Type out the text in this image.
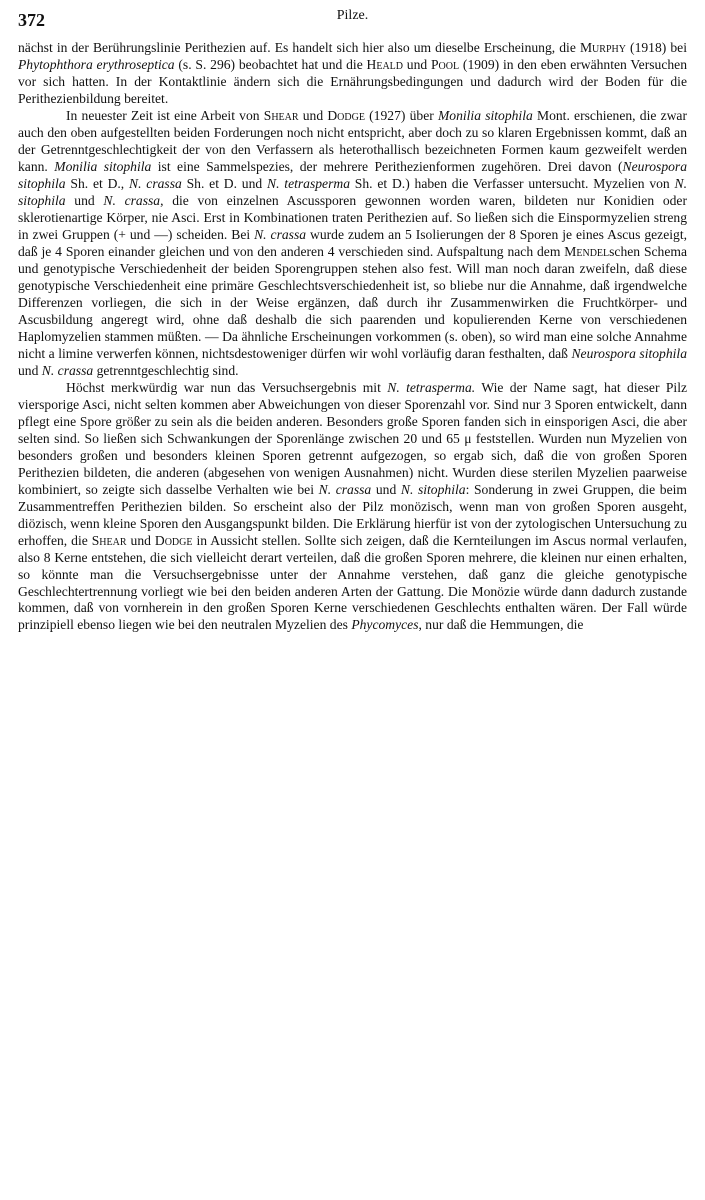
372	Pilze.

nächst in der Berührungslinie Perithezien auf. Es handelt sich hier also um dieselbe Erscheinung, die Murphy (1918) bei Phytophthora erythroseptica (s. S. 296) beobachtet hat und die Heald und Pool (1909) in den eben erwähnten Versuchen vor sich hatten. In der Kontaktlinie ändern sich die Ernährungsbedingungen und dadurch wird der Boden für die Perithezienbildung bereitet.

In neuester Zeit ist eine Arbeit von Shear und Dodge (1927) über Monilia sitophila Mont. erschienen, die zwar auch den oben aufgestellten beiden Forderungen noch nicht entspricht, aber doch zu so klaren Ergebnissen kommt, daß an der Getrenntgeschlechtigkeit der von den Verfassern als heterothallisch bezeichneten Formen kaum gezweifelt werden kann. Monilia sitophila ist eine Sammelspezies, der mehrere Perithezienformen zugehören. Drei davon (Neurospora sitophila Sh. et D., N. crassa Sh. et D. und N. tetrasperma Sh. et D.) haben die Verfasser untersucht. Myzelien von N. sitophila und N. crassa, die von einzelnen Ascussporen gewonnen worden waren, bildeten nur Konidien oder sklerotienartige Körper, nie Asci. Erst in Kombinationen traten Perithezien auf. So ließen sich die Einspormyzelien streng in zwei Gruppen (+ und —) scheiden. Bei N. crassa wurde zudem an 5 Isolierungen der 8 Sporen je eines Ascus gezeigt, daß je 4 Sporen einander gleichen und von den anderen 4 verschieden sind. Aufspaltung nach dem Mendelschen Schema und genotypische Verschiedenheit der beiden Sporengruppen stehen also fest. Will man noch daran zweifeln, daß diese genotypische Verschiedenheit eine primäre Geschlechtsverschiedenheit ist, so bliebe nur die Annahme, daß irgendwelche Differenzen vorliegen, die sich in der Weise ergänzen, daß durch ihr Zusammenwirken die Fruchtkörper- und Ascusbildung angeregt wird, ohne daß deshalb die sich paarenden und kopulierenden Kerne von verschiedenen Haplomyzelien stammen müßten. — Da ähnliche Erscheinungen vorkommen (s. oben), so wird man eine solche Annahme nicht a limine verwerfen können, nichtsdestoweniger dürfen wir wohl vorläufig daran festhalten, daß Neurospora sitophila und N. crassa getrenntgeschlechtig sind.

Höchst merkwürdig war nun das Versuchsergebnis mit N. tetrasperma. Wie der Name sagt, hat dieser Pilz viersporige Asci, nicht selten kommen aber Abweichungen von dieser Sporenzahl vor. Sind nur 3 Sporen entwickelt, dann pflegt eine Spore größer zu sein als die beiden anderen. Besonders große Sporen fanden sich in einsporigen Asci, die aber selten sind. So ließen sich Schwankungen der Sporenlänge zwischen 20 und 65 μ feststellen. Wurden nun Myzelien von besonders großen und besonders kleinen Sporen getrennt aufgezogen, so ergab sich, daß die von großen Sporen Perithezien bildeten, die anderen (abgesehen von wenigen Ausnahmen) nicht. Wurden diese sterilen Myzelien paarweise kombiniert, so zeigte sich dasselbe Verhalten wie bei N. crassa und N. sitophila: Sonderung in zwei Gruppen, die beim Zusammentreffen Perithezien bilden. So erscheint also der Pilz monözisch, wenn man von großen Sporen ausgeht, diözisch, wenn kleine Sporen den Ausgangspunkt bilden. Die Erklärung hierfür ist von der zytologischen Untersuchung zu erhoffen, die Shear und Dodge in Aussicht stellen. Sollte sich zeigen, daß die Kernteilungen im Ascus normal verlaufen, also 8 Kerne entstehen, die sich vielleicht derart verteilen, daß die großen Sporen mehrere, die kleinen nur einen erhalten, so könnte man die Versuchsergebnisse unter der Annahme verstehen, daß ganz die gleiche genotypische Geschlechtertrennung vorliegt wie bei den beiden anderen Arten der Gattung. Die Monözie würde dann dadurch zustande kommen, daß von vornherein in den großen Sporen Kerne verschiedenen Geschlechts enthalten wären. Der Fall würde prinzipiell ebenso liegen wie bei den neutralen Myzelien des Phycomyces, nur daß die Hemmungen, die
